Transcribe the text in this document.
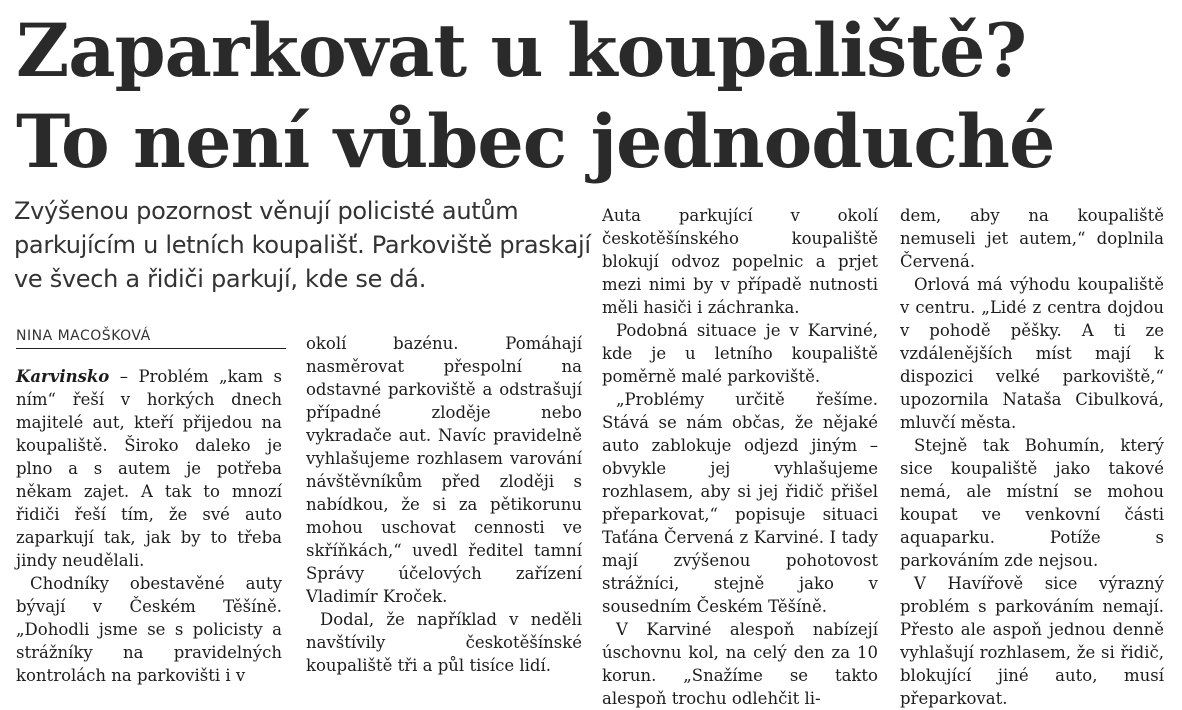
Zaparkovat u koupaliště?
To není vůbec jednoduché
Zvýšenou pozornost věnují policisté autům parkujícím u letních koupališť. Parkoviště praskají ve švech a řidiči parkují, kde se dá.
NINA MACOŠKOVÁ

Karvinsko – Problém „kam s ním“ řeší v horkých dnech majitelé aut, kteří přijedou na koupaliště. Široko daleko je plno a s autem je potřeba někam zajet. A tak to mnozí řidiči řeší tím, že své auto zaparkují tak, jak by to třeba jindy neudělali.

Chodníky obestavěné auty bývají v Českém Těšíně. „Dohodli jsme se s policisty a strážníky na pravidelných kontrolách na parkovišti i v

okolí bazénu. Pomáhají nasměrovat přespolní na odstavné parkoviště a odstrašují případné zloděje nebo vykradače aut. Navíc pravidelně vyhlašujeme rozhlasem varování návštěvníkům před zloději s nabídkou, že si za pětikorunu mohou uschovat cennosti ve skříňkách,“ uvedl ředitel tamní Správy účelových zařízení Vladimír Kroček.

Dodal, že například v neděli navštívily českotěšínské koupaliště tři a půl tisíce lidí.

Auta parkující v okolí českotěšínského koupaliště blokují odvoz popelnic a prjet mezi nimi by v případě nutnosti měli hasiči i záchranka.

Podobná situace je v Karviné, kde je u letního koupaliště poměrně malé parkoviště.

„Problémy určitě řešíme. Stává se nám občas, že nějaké auto zablokuje odjezd jiným – obvykle jej vyhlašujeme rozhlasem, aby si jej řidič přišel přeparkovat,“ popisuje situaci Taťána Červená z Karviné. I tady mají zvýšenou pohotovost strážníci, stejně jako v sousedním Českém Těšíně.

V Karviné alespoň nabízejí úschovnu kol, na celý den za 10 korun. „Snažíme se takto alespoň trochu odlehčit li-

dem, aby na koupaliště nemuseli jet autem,“ doplnila Červená.

Orlová má výhodu koupaliště v centru. „Lidé z centra dojdou v pohodě pěšky. A ti ze vzdálenějších míst mají k dispozici velké parkoviště,“ upozornila Nataša Cibulková, mluvčí města.

Stejně tak Bohumín, který sice koupaliště jako takové nemá, ale místní se mohou koupat ve venkovní části aquaparku. Potíže s parkováním zde nejsou.

V Havířově sice výrazný problém s parkováním nemají. Přesto ale aspoň jednou denně vyhlašují rozhlasem, že si řidič, blokující jiné auto, musí přeparkovat.
